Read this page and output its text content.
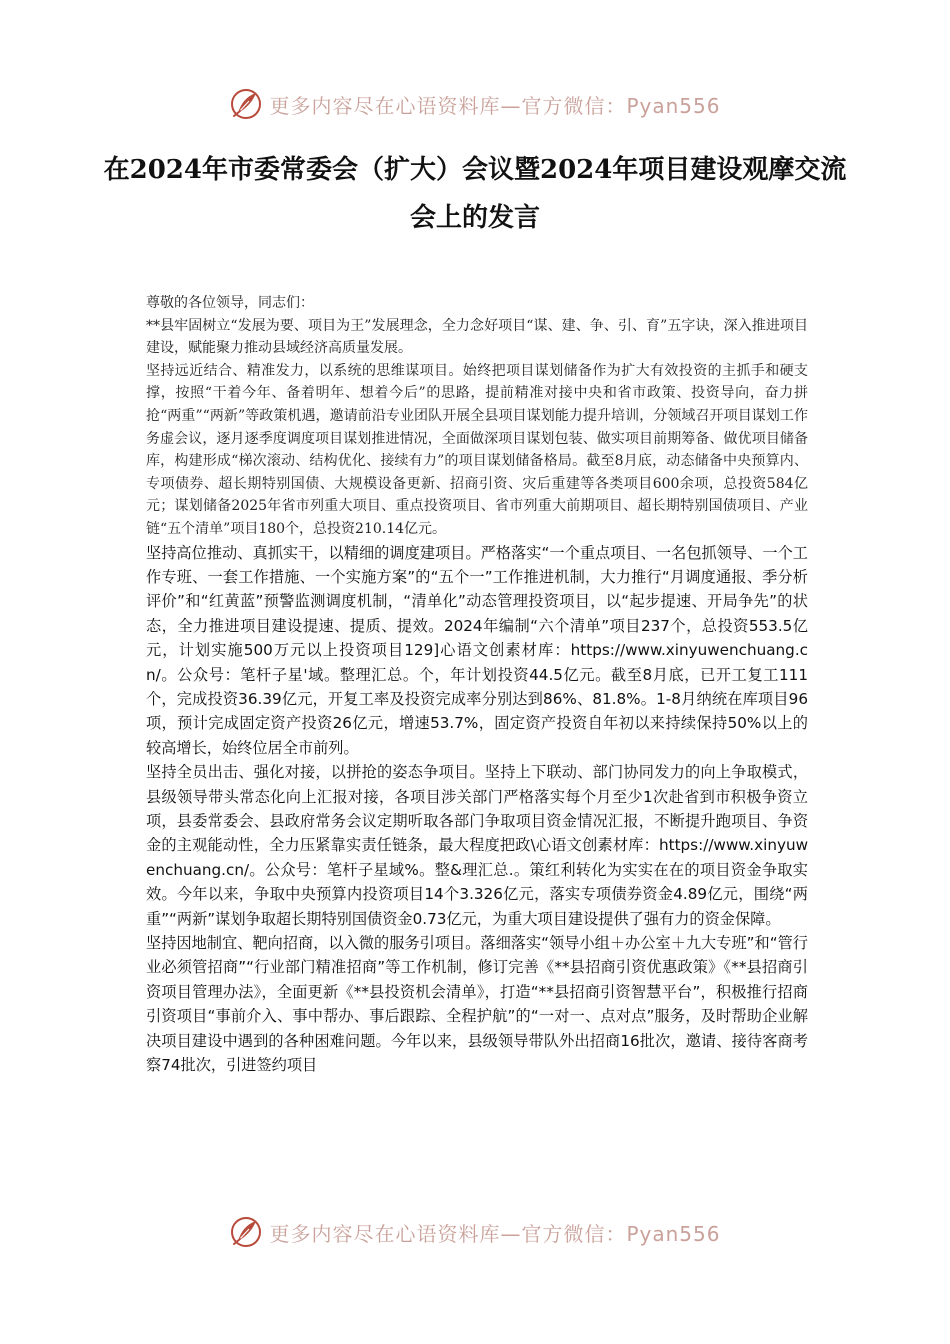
更多内容尽在心语资料库—官方微信：Pyan556
在2024年市委常委会（扩大）会议暨2024年项目建设观摩交流会上的发言

尊敬的各位领导，同志们：

**县牢固树立“发展为要、项目为王”发展理念，全力念好项目“谋、建、争、引、育”五字诀，深入推进项目建设，赋能聚力推动县域经济高质量发展。

坚持远近结合、精准发力，以系统的思维谋项目。始终把项目谋划储备作为扩大有效投资的主抓手和硬支撑，按照“干着今年、备着明年、想着今后”的思路，提前精准对接中央和省市政策、投资导向，奋力拼抢“两重”“两新”等政策机遇，邀请前沿专业团队开展全县项目谋划能力提升培训，分领域召开项目谋划工作务虚会议，逐月逐季度调度项目谋划推进情况，全面做深项目谋划包装、做实项目前期筹备、做优项目储备库，构建形成“梯次滚动、结构优化、接续有力”的项目谋划储备格局。截至8月底，动态储备中央预算内、专项债券、超长期特别国债、大规模设备更新、招商引资、灾后重建等各类项目600余项，总投资584亿元；谋划储备2025年省市列重大项目、重点投资项目、省市列重大前期项目、超长期特别国债项目、产业链“五个清单”项目180个，总投资210.14亿元。

坚持高位推动、真抓实干，以精细的调度建项目。严格落实“一个重点项目、一名包抓领导、一个工作专班、一套工作措施、一个实施方案”的“五个一”工作推进机制，大力推行“月调度通报、季分析评价”和“红黄蓝”预警监测调度机制，“清单化”动态管理投资项目，以“起步提速、开局争先”的状态，全力推进项目建设提速、提质、提效。2024年编制“六个清单”项目237个，总投资553.5亿元，计划实施500万元以上投资项目129]心语文创素材库：https://www.xinyuwenchuang.cn/。公众号：笔杆子星'域。整理汇总。个，年计划投资44.5亿元。截至8月底，已开工复工111个，完成投资36.39亿元，开复工率及投资完成率分别达到86%、81.8%。1-8月纳统在库项目96项，预计完成固定资产投资26亿元，增速53.7%，固定资产投资自年初以来持续保持50%以上的较高增长，始终位居全市前列。

坚持全员出击、强化对接，以拼抢的姿态争项目。坚持上下联动、部门协同发力的向上争取模式，县级领导带头常态化向上汇报对接，各项目涉关部门严格落实每个月至少1次赴省到市积极争资立项，县委常委会、县政府常务会议定期听取各部门争取项目资金情况汇报，不断提升跑项目、争资金的主观能动性，全力压紧靠实责任链条，最大程度把政\心语文创素材库：https://www.xinyuwenchuang.cn/。公众号：笔杆子星域%。整&理汇总.。策红利转化为实实在在的项目资金争取实效。今年以来，争取中央预算内投资项目14个3.326亿元，落实专项债券资金4.89亿元，围绕“两重”“两新”谋划争取超长期特别国债资金0.73亿元，为重大项目建设提供了强有力的资金保障。

坚持因地制宜、靶向招商，以入微的服务引项目。落细落实“领导小组＋办公室＋九大专班”和“管行业必须管招商”“行业部门精准招商”等工作机制，修订完善《**县招商引资优惠政策》《**县招商引资项目管理办法》，全面更新《**县投资机会清单》，打造“**县招商引资智慧平台”，积极推行招商引资项目“事前介入、事中帮办、事后跟踪、全程护航”的“一对一、点对点”服务，及时帮助企业解决项目建设中遇到的各种困难问题。今年以来，县级领导带队外出招商16批次，邀请、接待客商考察74批次，引进签约项目

更多内容尽在心语资料库—官方微信：Pyan556
